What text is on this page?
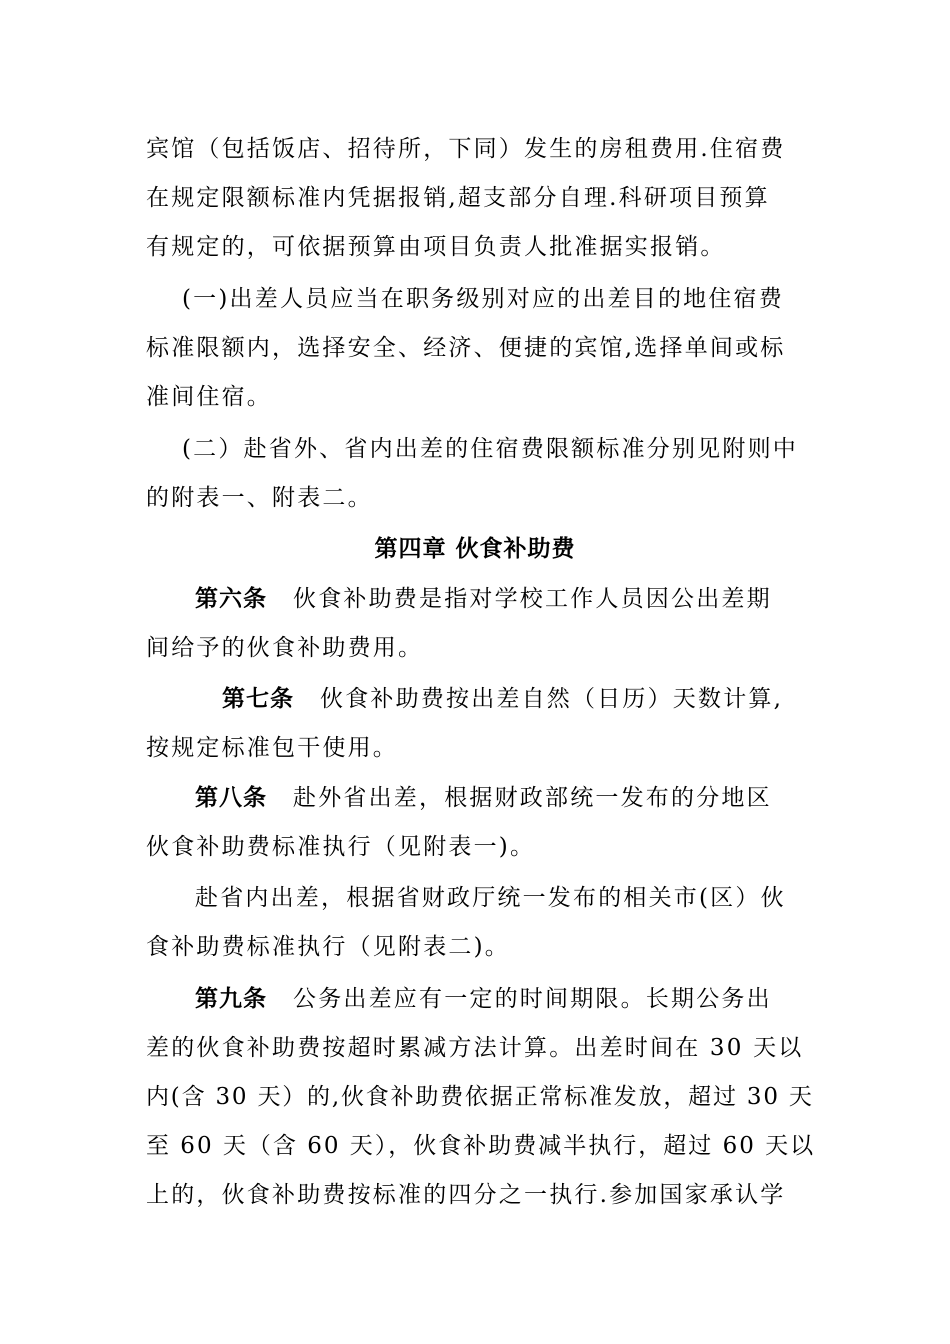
宾馆（包括饭店、招待所，下同）发生的房租费用.住宿费
在规定限额标准内凭据报销,超支部分自理.科研项目预算
有规定的，可依据预算由项目负责人批准据实报销。
(一)出差人员应当在职务级别对应的出差目的地住宿费
标准限额内，选择安全、经济、便捷的宾馆,选择单间或标
准间住宿。
(二）赴省外、省内出差的住宿费限额标准分别见附则中
的附表一、附表二。
第四章 伙食补助费
第六条 伙食补助费是指对学校工作人员因公出差期
间给予的伙食补助费用。
第七条 伙食补助费按出差自然（日历）天数计算,
按规定标准包干使用。
第八条 赴外省出差，根据财政部统一发布的分地区
伙食补助费标准执行（见附表一)。
赴省内出差，根据省财政厅统一发布的相关市(区）伙
食补助费标准执行（见附表二)。
第九条 公务出差应有一定的时间期限。长期公务出
差的伙食补助费按超时累减方法计算。出差时间在 30 天以
内(含 30 天）的,伙食补助费依据正常标准发放，超过 30 天
至 60 天（含 60 天），伙食补助费减半执行，超过 60 天以
上的，伙食补助费按标准的四分之一执行.参加国家承认学
